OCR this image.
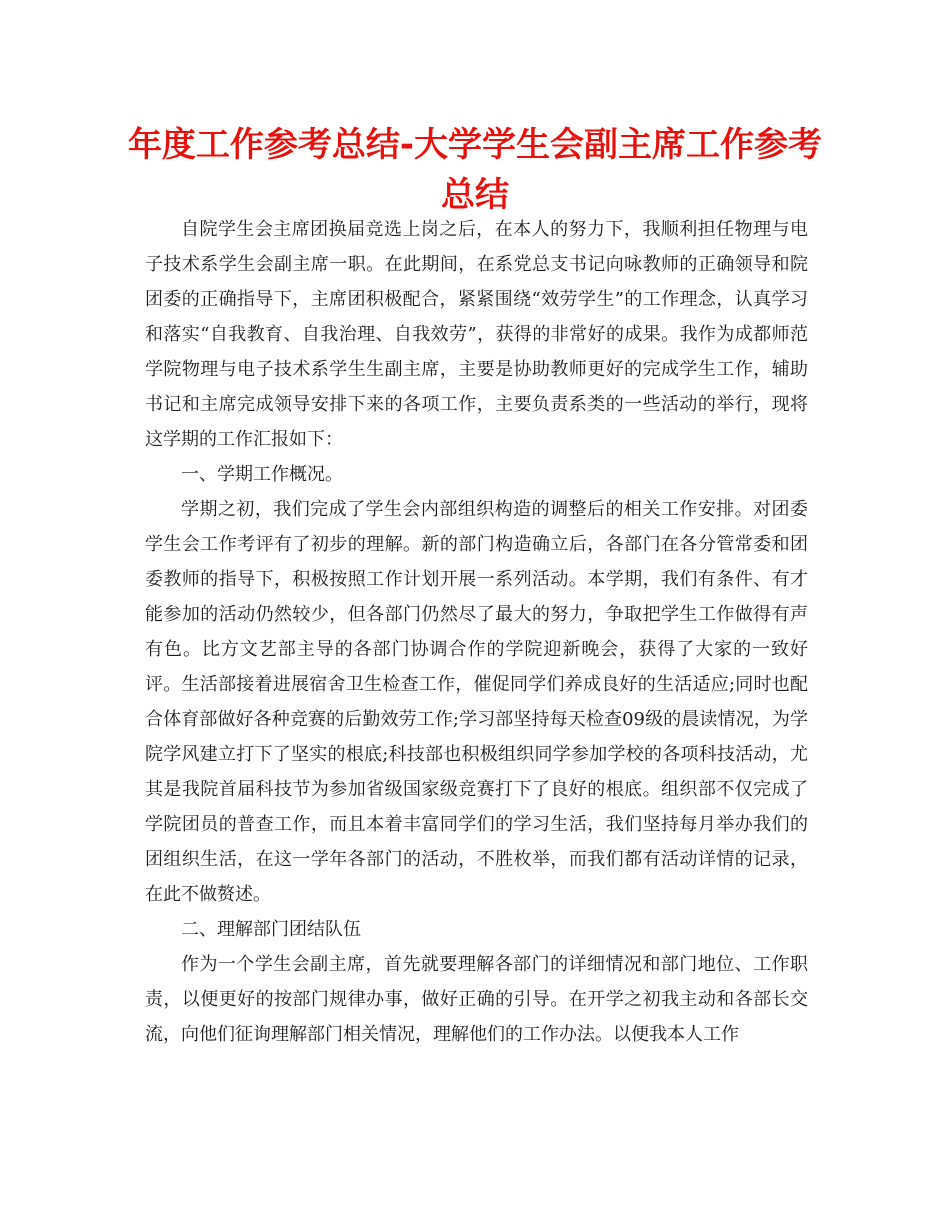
年度工作参考总结-大学学生会副主席工作参考总结

自院学生会主席团换届竞选上岗之后，在本人的努力下，我顺利担任物理与电子技术系学生会副主席一职。在此期间，在系党总支书记向咏教师的正确领导和院团委的正确指导下，主席团积极配合，紧紧围绕“效劳学生”的工作理念，认真学习和落实“自我教育、自我治理、自我效劳”，获得的非常好的成果。我作为成都师范学院物理与电子技术系学生生副主席，主要是协助教师更好的完成学生工作，辅助书记和主席完成领导安排下来的各项工作，主要负责系类的一些活动的举行，现将这学期的工作汇报如下：

一、学期工作概况。

学期之初，我们完成了学生会内部组织构造的调整后的相关工作安排。对团委学生会工作考评有了初步的理解。新的部门构造确立后，各部门在各分管常委和团委教师的指导下，积极按照工作计划开展一系列活动。本学期，我们有条件、有才能参加的活动仍然较少，但各部门仍然尽了最大的努力，争取把学生工作做得有声有色。比方文艺部主导的各部门协调合作的学院迎新晚会，获得了大家的一致好评。生活部接着进展宿舍卫生检查工作，催促同学们养成良好的生活适应;同时也配合体育部做好各种竞赛的后勤效劳工作;学习部坚持每天检查09级的晨读情况，为学院学风建立打下了坚实的根底;科技部也积极组织同学参加学校的各项科技活动，尤其是我院首届科技节为参加省级国家级竞赛打下了良好的根底。组织部不仅完成了学院团员的普查工作，而且本着丰富同学们的学习生活，我们坚持每月举办我们的团组织生活，在这一学年各部门的活动，不胜枚举，而我们都有活动详情的记录，在此不做赘述。

二、理解部门团结队伍

作为一个学生会副主席，首先就要理解各部门的详细情况和部门地位、工作职责，以便更好的按部门规律办事，做好正确的引导。在开学之初我主动和各部长交流，向他们征询理解部门相关情况，理解他们的工作办法。以便我本人工作
